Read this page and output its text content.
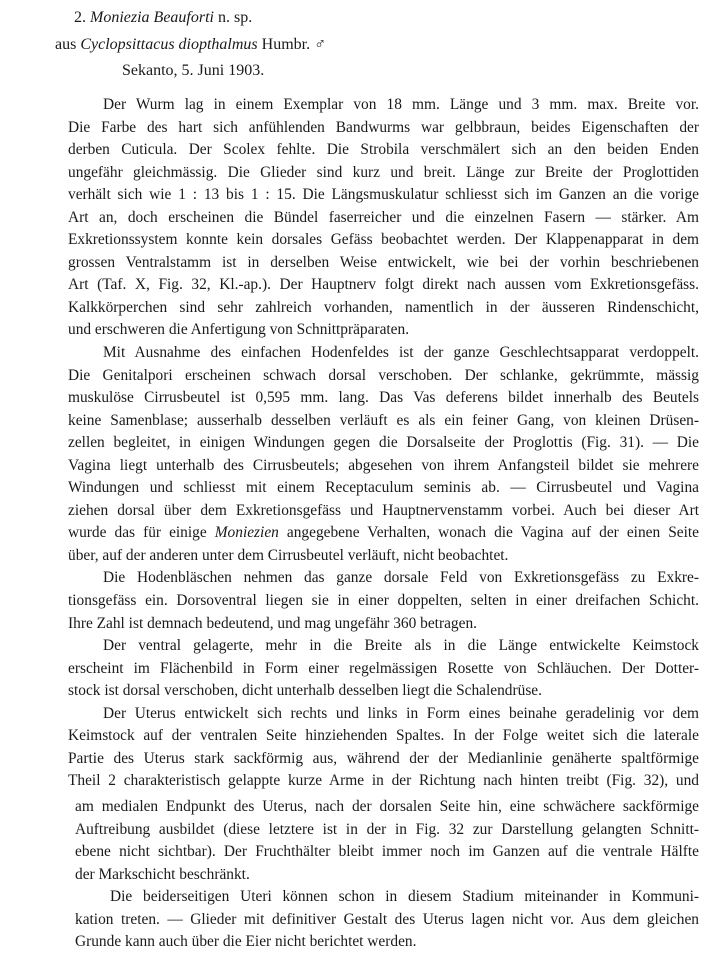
2. Moniezia Beauforti n. sp.
aus Cyclopsittacus diopthalmus Humbr. ♂
Sekanto, 5. Juni 1903.
Der Wurm lag in einem Exemplar von 18 mm. Länge und 3 mm. max. Breite vor.
Die Farbe des hart sich anfühlenden Bandwurms war gelbbraun, beides Eigenschaften der
derben Cuticula. Der Scolex fehlte. Die Strobila verschmälert sich an den beiden Enden
ungefähr gleichmässig. Die Glieder sind kurz und breit. Länge zur Breite der Proglottiden
verhält sich wie 1 : 13 bis 1 : 15. Die Längsmuskulatur schliesst sich im Ganzen an die vorige
Art an, doch erscheinen die Bündel faserreicher und die einzelnen Fasern — stärker. Am
Exkretionssystem konnte kein dorsales Gefäss beobachtet werden. Der Klappenapparat in dem
grossen Ventralstamm ist in derselben Weise entwickelt, wie bei der vorhin beschriebenen
Art (Taf. X, Fig. 32, Kl.-ap.). Der Hauptnerv folgt direkt nach aussen vom Exkretionsgefäss.
Kalkkörperchen sind sehr zahlreich vorhanden, namentlich in der äusseren Rindenschicht,
und erschweren die Anfertigung von Schnittpräparaten.
Mit Ausnahme des einfachen Hodenfeldes ist der ganze Geschlechtsapparat verdoppelt.
Die Genitalpori erscheinen schwach dorsal verschoben. Der schlanke, gekrümmte, mässig
muskulöse Cirrusbeutel ist 0,595 mm. lang. Das Vas deferens bildet innerhalb des Beutels
keine Samenblase; ausserhalb desselben verläuft es als ein feiner Gang, von kleinen Drüsen-
zellen begleitet, in einigen Windungen gegen die Dorsalseite der Proglottis (Fig. 31). — Die
Vagina liegt unterhalb des Cirrusbeutels; abgesehen von ihrem Anfangsteil bildet sie mehrere
Windungen und schliesst mit einem Receptaculum seminis ab. — Cirrusbeutel und Vagina
ziehen dorsal über dem Exkretionsgefäss und Hauptnervenstamm vorbei. Auch bei dieser Art
wurde das für einige Moniezien angegebene Verhalten, wonach die Vagina auf der einen Seite
über, auf der anderen unter dem Cirrusbeutel verläuft, nicht beobachtet.
Die Hodenbläschen nehmen das ganze dorsale Feld von Exkretionsgefäss zu Exkre-
tionsgefäss ein. Dorsoventral liegen sie in einer doppelten, selten in einer dreifachen Schicht.
Ihre Zahl ist demnach bedeutend, und mag ungefähr 360 betragen.
Der ventral gelagerte, mehr in die Breite als in die Länge entwickelte Keimstock
erscheint im Flächenbild in Form einer regelmässigen Rosette von Schläuchen. Der Dotter-
stock ist dorsal verschoben, dicht unterhalb desselben liegt die Schalendrüse.
Der Uterus entwickelt sich rechts und links in Form eines beinahe geradelinig vor dem
Keimstock auf der ventralen Seite hinziehenden Spaltes. In der Folge weitet sich die laterale
Partie des Uterus stark sackförmig aus, während der der Medianlinie genäherte spaltförmige
Theil 2 charakteristisch gelappte kurze Arme in der Richtung nach hinten treibt (Fig. 32), und
am medialen Endpunkt des Uterus, nach der dorsalen Seite hin, eine schwächere sackförmige
Auftreibung ausbildet (diese letztere ist in der in Fig. 32 zur Darstellung gelangten Schnitt-
ebene nicht sichtbar). Der Fruchthälter bleibt immer noch im Ganzen auf die ventrale Hälfte
der Markschicht beschränkt.
Die beiderseitigen Uteri können schon in diesem Stadium miteinander in Kommuni-
kation treten. — Glieder mit definitiver Gestalt des Uterus lagen nicht vor. Aus dem gleichen
Grunde kann auch über die Eier nicht berichtet werden.
